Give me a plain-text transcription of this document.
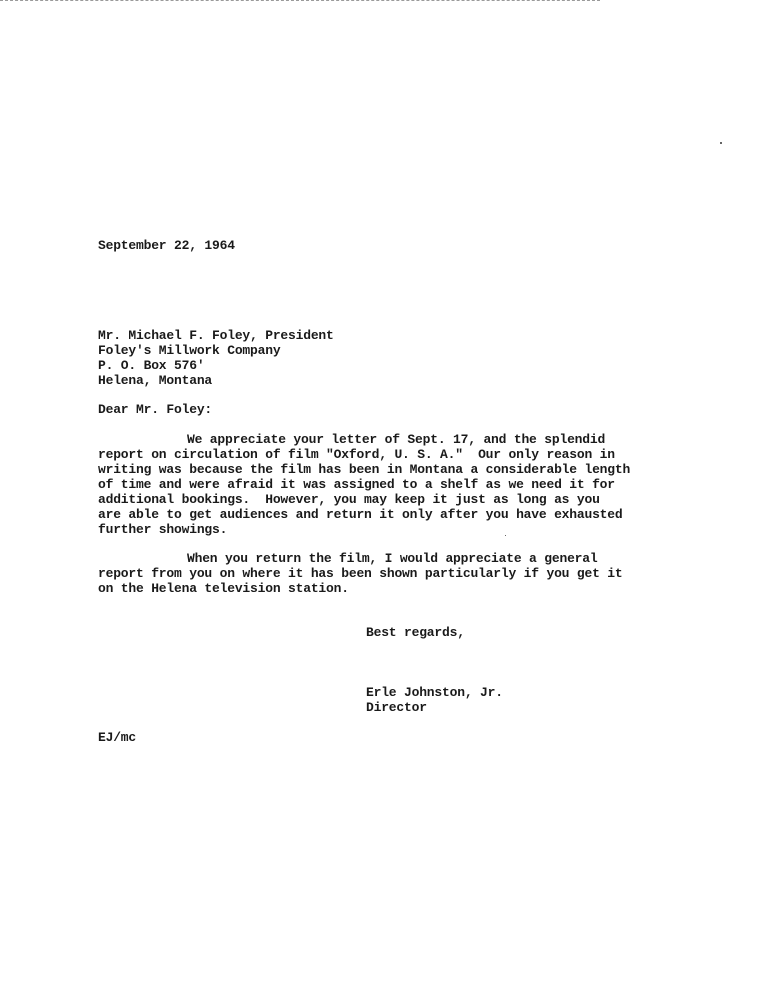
September 22, 1964
Mr. Michael F. Foley, President
Foley's Millwork Company
P. O. Box 576'
Helena, Montana
Dear Mr. Foley:
We appreciate your letter of Sept. 17, and the splendid
report on circulation of film "Oxford, U. S. A."  Our only reason in
writing was because the film has been in Montana a considerable length
of time and were afraid it was assigned to a shelf as we need it for
additional bookings.  However, you may keep it just as long as you
are able to get audiences and return it only after you have exhausted
further showings.
When you return the film, I would appreciate a general
report from you on where it has been shown particularly if you get it
on the Helena television station.
Best regards,
Erle Johnston, Jr.
Director
EJ/mc
